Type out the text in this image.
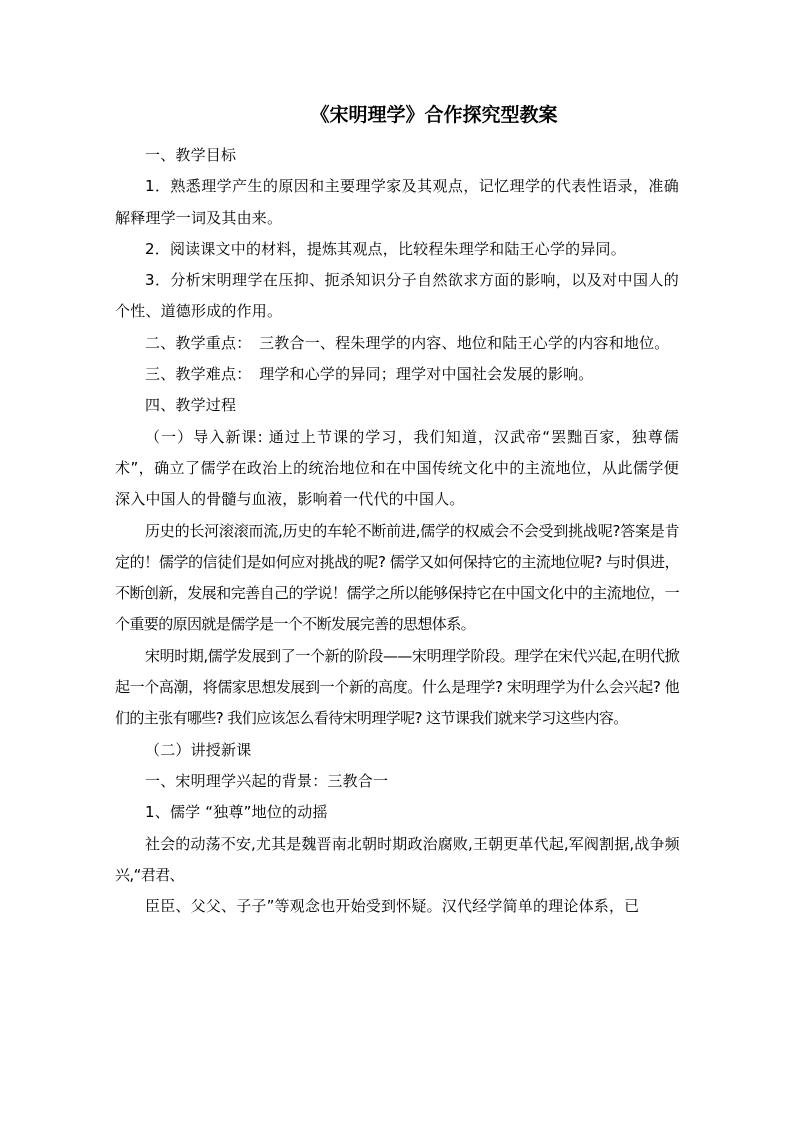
《宋明理学》合作探究型教案

一、教学目标

1．熟悉理学产生的原因和主要理学家及其观点，记忆理学的代表性语录，准确解释理学一词及其由来。

2．阅读课文中的材料，提炼其观点，比较程朱理学和陆王心学的异同。

3．分析宋明理学在压抑、扼杀知识分子自然欲求方面的影响，以及对中国人的个性、道德形成的作用。

二、教学重点：　三教合一、程朱理学的内容、地位和陆王心学的内容和地位。

三、教学难点：　理学和心学的异同；理学对中国社会发展的影响。

四、教学过程

（一）导入新课: 通过上节课的学习，我们知道，汉武帝“罢黜百家，独尊儒术”，确立了儒学在政治上的统治地位和在中国传统文化中的主流地位，从此儒学便深入中国人的骨髓与血液，影响着一代代的中国人。

历史的长河滚滚而流,历史的车轮不断前进,儒学的权威会不会受到挑战呢?答案是肯定的！儒学的信徒们是如何应对挑战的呢? 儒学又如何保持它的主流地位呢? 与时俱进，不断创新，发展和完善自己的学说！儒学之所以能够保持它在中国文化中的主流地位，一个重要的原因就是儒学是一个不断发展完善的思想体系。

宋明时期,儒学发展到了一个新的阶段——宋明理学阶段。理学在宋代兴起,在明代掀起一个高潮，将儒家思想发展到一个新的高度。什么是理学? 宋明理学为什么会兴起? 他们的主张有哪些? 我们应该怎么看待宋明理学呢? 这节课我们就来学习这些内容。

（二）讲授新课

一、宋明理学兴起的背景：三教合一

1、儒学 “独尊”地位的动摇

社会的动荡不安,尤其是魏晋南北朝时期政治腐败,王朝更革代起,军阀割据,战争频兴,“君君、

臣臣、父父、子子”等观念也开始受到怀疑。汉代经学简单的理论体系，已
